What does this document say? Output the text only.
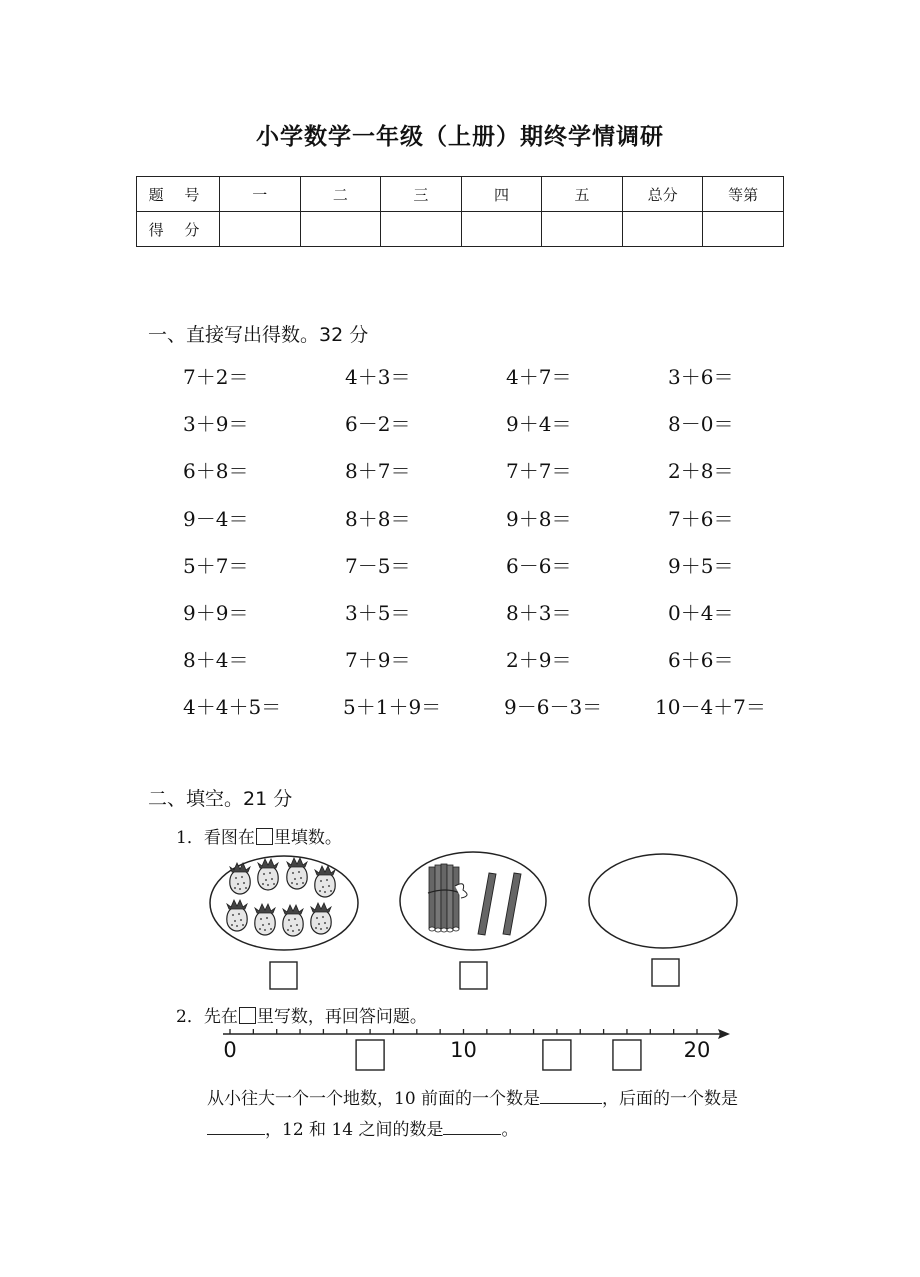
小学数学一年级（上册）期终学情调研
题 号	一	二	三	四	五	总分	等第
得 分							
一、直接写出得数。32 分
7＋2＝	4＋3＝	4＋7＝	3＋6＝
3＋9＝	6－2＝	9＋4＝	8－0＝
6＋8＝	8＋7＝	7＋7＝	2＋8＝
9－4＝	8＋8＝	9＋8＝	7＋6＝
5＋7＝	7－5＝	6－6＝	9＋5＝
9＋9＝	3＋5＝	8＋3＝	0＋4＝
8＋4＝	7＋9＝	2＋9＝	6＋6＝
4＋4＋5＝	5＋1＋9＝	9－6－3＝	10－4＋7＝
二、填空。21 分
1．看图在 里填数。
0	10	20
2．先在 里写数，再回答问题。
从小往大一个一个地数，10 前面的一个数是	，后面的一个数是，12 和 14 之间的数是	。
